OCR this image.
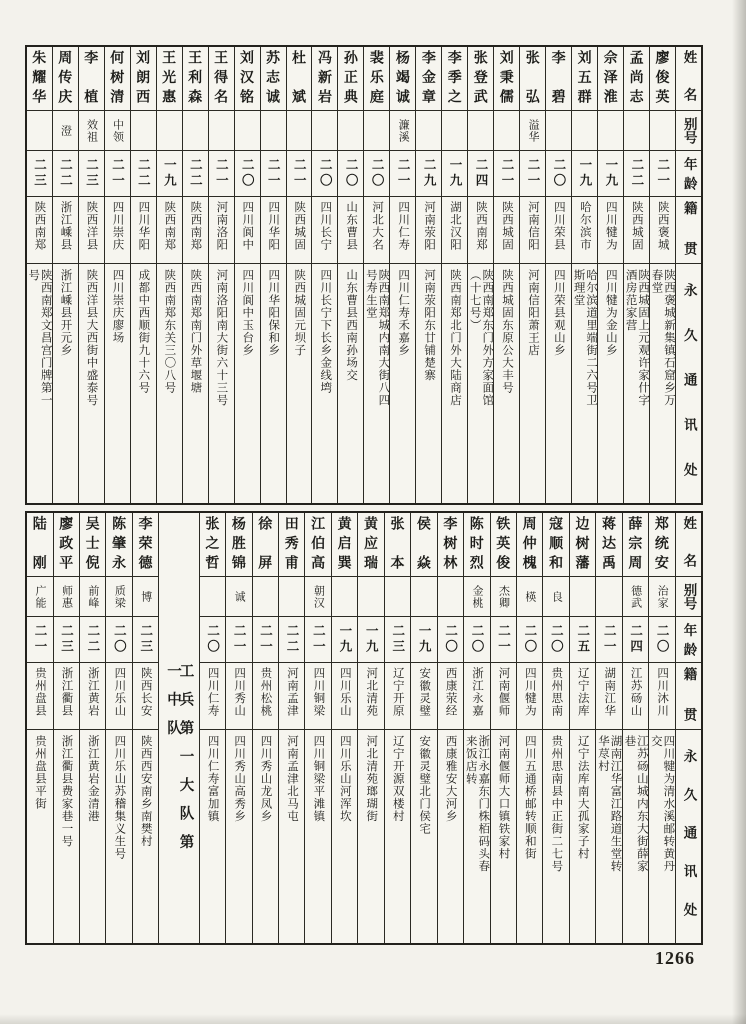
姓名
别号
年龄
籍贯
永久通讯处
廖俊英
二一
陕西褒城
陕西褒城新集镇石窟乡万春堂
孟尚志
二二
陕西城固
陕西城固上元观许家什字酒房范家营
佘泽淮
一九
四川犍为
四川犍为金山乡
刘五群
一九
哈尔滨市
哈尔滨道里端街二六号卫斯理堂
李碧
二〇
四川荣县
四川荣县观山乡
张弘
溢华
二一
河南信阳
河南信阳萧王店
刘秉儒
二一
陕西城固
陕西城固东原公大丰号
张登武
二四
陕西南郑
陕西南郑东门外方家面馆（十七号）
李季之
一九
湖北汉阳
陕西南郑北门外大陆商店
李金章
二九
河南荥阳
河南荥阳东廿铺楚寨
杨竭诚
濂溪
二一
四川仁寿
四川仁寿禾嘉乡
裴乐庭
二〇
河北大名
陕西南郑城内南大街八四号寿生堂
孙正典
二〇
山东曹县
山东曹县西南孙场交
冯新岩
二〇
四川长宁
四川长宁下长乡金线塆
杜斌
二一
陕西城固
陕西城固元坝子
苏志诚
二一
四川华阳
四川华阳保和乡
刘汉铭
二〇
四川阆中
四川阆中玉台乡
王得名
二一
河南洛阳
河南洛阳南大街六十三号
王利森
二二
陕西南郑
陕西南郑南门外草堰塘
王光惠
一九
陕西南郑
陕西南郑东关三〇八号
刘朗西
二二
四川华阳
成都中西顺街九十六号
何树清
中领
二一
四川崇庆
四川崇庆廖场
李植
效祖
二三
陕西洋县
陕西洋县大西街中盛泰号
周传庆
澄
二二
浙江嵊县
浙江嵊县开元乡
朱耀华
二三
陕西南郑
陕西南郑文昌宫门牌第一号
姓名
别号
年龄
籍贯
永久通讯处
郑统安
治家
二〇
四川沐川
四川犍为清水溪邮转黄丹交
薛宗周
德武
二四
江苏砀山
江苏砀山城内东大街薛家巷
蒋达禹
二一
湖南江华
湖南江华富江路道生堂转华荩村
边树藩
二五
辽宁法库
辽宁法库南大孤家子村
寇顺和
良
二〇
贵州思南
贵州思南县中正街二七号
周仲槐
楧
二〇
四川犍为
四川五通桥邮转顺和街
铁英俊
杰卿
二一
河南偃师
河南偃师大口镇铁家村
陈时烈
金桃
二〇
浙江永嘉
浙江永嘉东门株栢码头春来饭店转
李树林
二〇
西康荥经
西康雅安大河乡
侯焱
一九
安徽灵璧
安徽灵璧北门侯宅
张本
二三
辽宁开原
辽宁开源双楼村
黄应瑞
一九
河北清苑
河北清苑瑯瑚街
黄启巽
一九
四川乐山
四川乐山河浑坎
江伯高
朝汉
二一
四川铜梁
四川铜梁平滩镇
田秀甫
二二
河南孟津
河南孟津北马屯
徐屏
二一
贵州松桃
四川秀山龙凤乡
杨胜锦
诚
二一
四川秀山
四川秀山高秀乡
张之哲
二〇
四川仁寿
四川仁寿富加镇
工兵第一大队第一中队
李荣德
博
二三
陕西长安
陕西西安南乡南樊村
陈肇永
质梁
二〇
四川乐山
四川乐山苏稽集义生号
吴士倪
前峰
二二
浙江黄岩
浙江黄岩金清港
廖政平
师惠
二三
浙江衢县
浙江衢县费家巷一号
陆刚
广能
二一
贵州盘县
贵州盘县平街
1266
